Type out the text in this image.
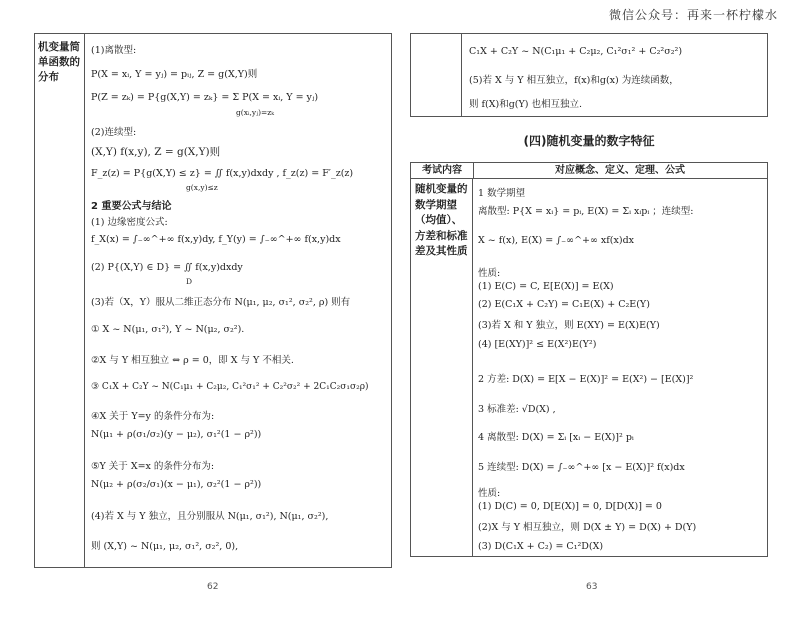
微信公众号：再来一杯柠檬水
机变量简单函数的分布
(1)离散型:
P(X = xᵢ, Y = yⱼ) = pᵢⱼ, Z = g(X,Y)则
P(Z = zₖ) = P{g(X,Y) = zₖ} = Σ P(X = xᵢ, Y = yⱼ)
g(xᵢ,yⱼ)=zₖ
(2)连续型:
(X,Y) f(x,y), Z = g(X,Y)则
F_z(z) = P{g(X,Y) ≤ z} = ∬ f(x,y)dxdy , f_z(z) = F′_z(z)
g(x,y)≤z
2 重要公式与结论
(1) 边缘密度公式:
f_X(x) = ∫₋∞^+∞ f(x,y)dy, f_Y(y) = ∫₋∞^+∞ f(x,y)dx
(2) P{(X,Y) ∈ D} = ∬ f(x,y)dxdy
D
(3)若（X，Y）服从二维正态分布 N(μ₁, μ₂, σ₁², σ₂², ρ) 则有
① X ~ N(μ₁, σ₁²), Y ~ N(μ₂, σ₂²).
②X 与 Y 相互独立 ⇔ ρ = 0，即 X 与 Y 不相关.
③ C₁X + C₂Y ~ N(C₁μ₁ + C₂μ₂, C₁²σ₁² + C₂²σ₂² + 2C₁C₂σ₁σ₂ρ)
④X 关于 Y=y 的条件分布为:
N(μ₁ + ρ(σ₁/σ₂)(y − μ₂), σ₁²(1 − ρ²))
⑤Y 关于 X=x 的条件分布为:
N(μ₂ + ρ(σ₂/σ₁)(x − μ₁), σ₂²(1 − ρ²))
(4)若 X 与 Y 独立，且分别服从 N(μ₁, σ₁²), N(μ₁, σ₂²),
则 (X,Y) ~ N(μ₁, μ₂, σ₁², σ₂², 0),
62
C₁X + C₂Y ~ N(C₁μ₁ + C₂μ₂, C₁²σ₁² + C₂²σ₂²)
(5)若 X 与 Y 相互独立，f(x)和g(x) 为连续函数，
则 f(X)和g(Y) 也相互独立.
(四)随机变量的数字特征
考试内容	对应概念、定义、定理、公式
随机变量的数学期望（均值）、方差和标准差及其性质
1 数学期望
离散型: P{X = xᵢ} = pᵢ, E(X) = Σᵢ xᵢpᵢ ；连续型:
X ~ f(x), E(X) = ∫₋∞^+∞ xf(x)dx
性质:
(1) E(C) = C, E[E(X)] = E(X)
(2) E(C₁X + C₂Y) = C₁E(X) + C₂E(Y)
(3)若 X 和 Y 独立，则 E(XY) = E(X)E(Y)
(4) [E(XY)]² ≤ E(X²)E(Y²)
2 方差: D(X) = E[X − E(X)]² = E(X²) − [E(X)]²
3 标准差: √D(X) ,
4 离散型: D(X) = Σᵢ [xᵢ − E(X)]² pᵢ
5 连续型: D(X) = ∫₋∞^+∞ [x − E(X)]² f(x)dx
性质:
(1) D(C) = 0, D[E(X)] = 0, D[D(X)] = 0
(2)X 与 Y 相互独立，则 D(X ± Y) = D(X) + D(Y)
(3) D(C₁X + C₂) = C₁²D(X)
63
